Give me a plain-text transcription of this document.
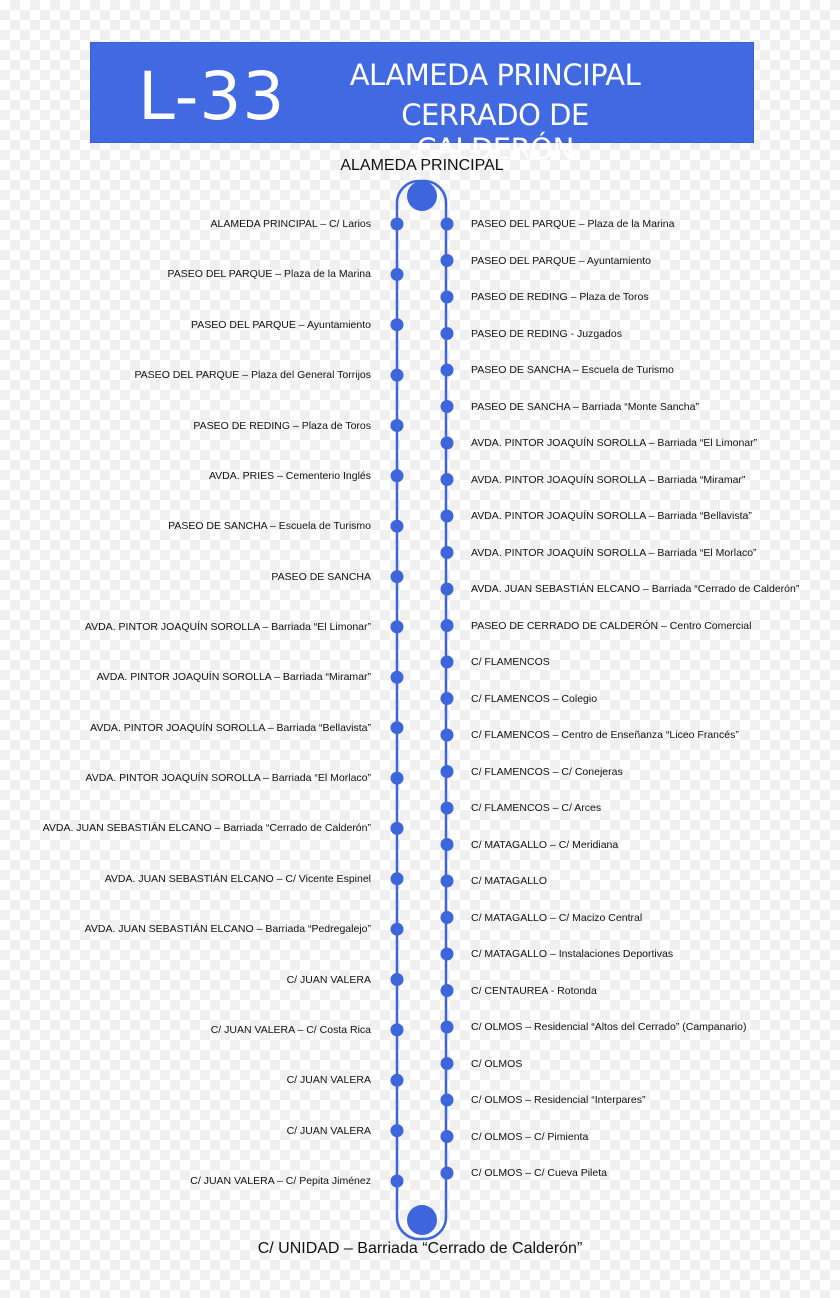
L-33	ALAMEDA PRINCIPAL
CERRADO DE CALDERÓN
ALAMEDA PRINCIPAL
ALAMEDA PRINCIPAL – C/ Larios
PASEO DEL PARQUE – Plaza de la Marina
PASEO DEL PARQUE – Ayuntamiento
PASEO DEL PARQUE – Plaza del General Torrijos
PASEO DE REDING – Plaza de Toros
AVDA. PRIES – Cementerio Inglés
PASEO DE SANCHA – Escuela de Turismo
PASEO DE SANCHA
AVDA. PINTOR JOAQUÍN SOROLLA – Barriada “El Limonar”
AVDA. PINTOR JOAQUÍN SOROLLA – Barriada “Miramar”
AVDA. PINTOR JOAQUÍN SOROLLA – Barriada “Bellavista”
AVDA. PINTOR JOAQUÍN SOROLLA – Barriada “El Morlaco”
AVDA. JUAN SEBASTIÁN ELCANO – Barriada “Cerrado de Calderón”
AVDA. JUAN SEBASTIÁN ELCANO – C/ Vicente Espinel
AVDA. JUAN SEBASTIÁN ELCANO – Barriada “Pedregalejo”
C/ JUAN VALERA
C/ JUAN VALERA – C/ Costa Rica
C/ JUAN VALERA
C/ JUAN VALERA
C/ JUAN VALERA – C/ Pepita Jiménez
PASEO DEL PARQUE – Plaza de la Marina
PASEO DEL PARQUE – Ayuntamiento
PASEO DE REDING – Plaza de Toros
PASEO DE REDING - Juzgados
PASEO DE SANCHA – Escuela de Turismo
PASEO DE SANCHA – Barriada “Monte Sancha”
AVDA. PINTOR JOAQUÍN SOROLLA – Barriada “El Limonar”
AVDA. PINTOR JOAQUÍN SOROLLA – Barriada “Miramar”
AVDA. PINTOR JOAQUÍN SOROLLA – Barriada “Bellavista”
AVDA. PINTOR JOAQUÍN SOROLLA – Barriada “El Morlaco”
AVDA. JUAN SEBASTIÁN ELCANO – Barriada “Cerrado de Calderón”
PASEO DE CERRADO DE CALDERÓN – Centro Comercial
C/ FLAMENCOS
C/ FLAMENCOS – Colegio
C/ FLAMENCOS – Centro de Enseñanza “Liceo Francés”
C/ FLAMENCOS – C/ Conejeras
C/ FLAMENCOS – C/ Arces
C/ MATAGALLO – C/ Meridiana
C/ MATAGALLO
C/ MATAGALLO – C/ Macizo Central
C/ MATAGALLO – Instalaciones Deportivas
C/ CENTAUREA - Rotonda
C/ OLMOS – Residencial “Altos del Cerrado” (Campanario)
C/ OLMOS
C/ OLMOS – Residencial “Interpares”
C/ OLMOS – C/ Pimienta
C/ OLMOS – C/ Cueva Pileta
C/ UNIDAD – Barriada “Cerrado de Calderón”
